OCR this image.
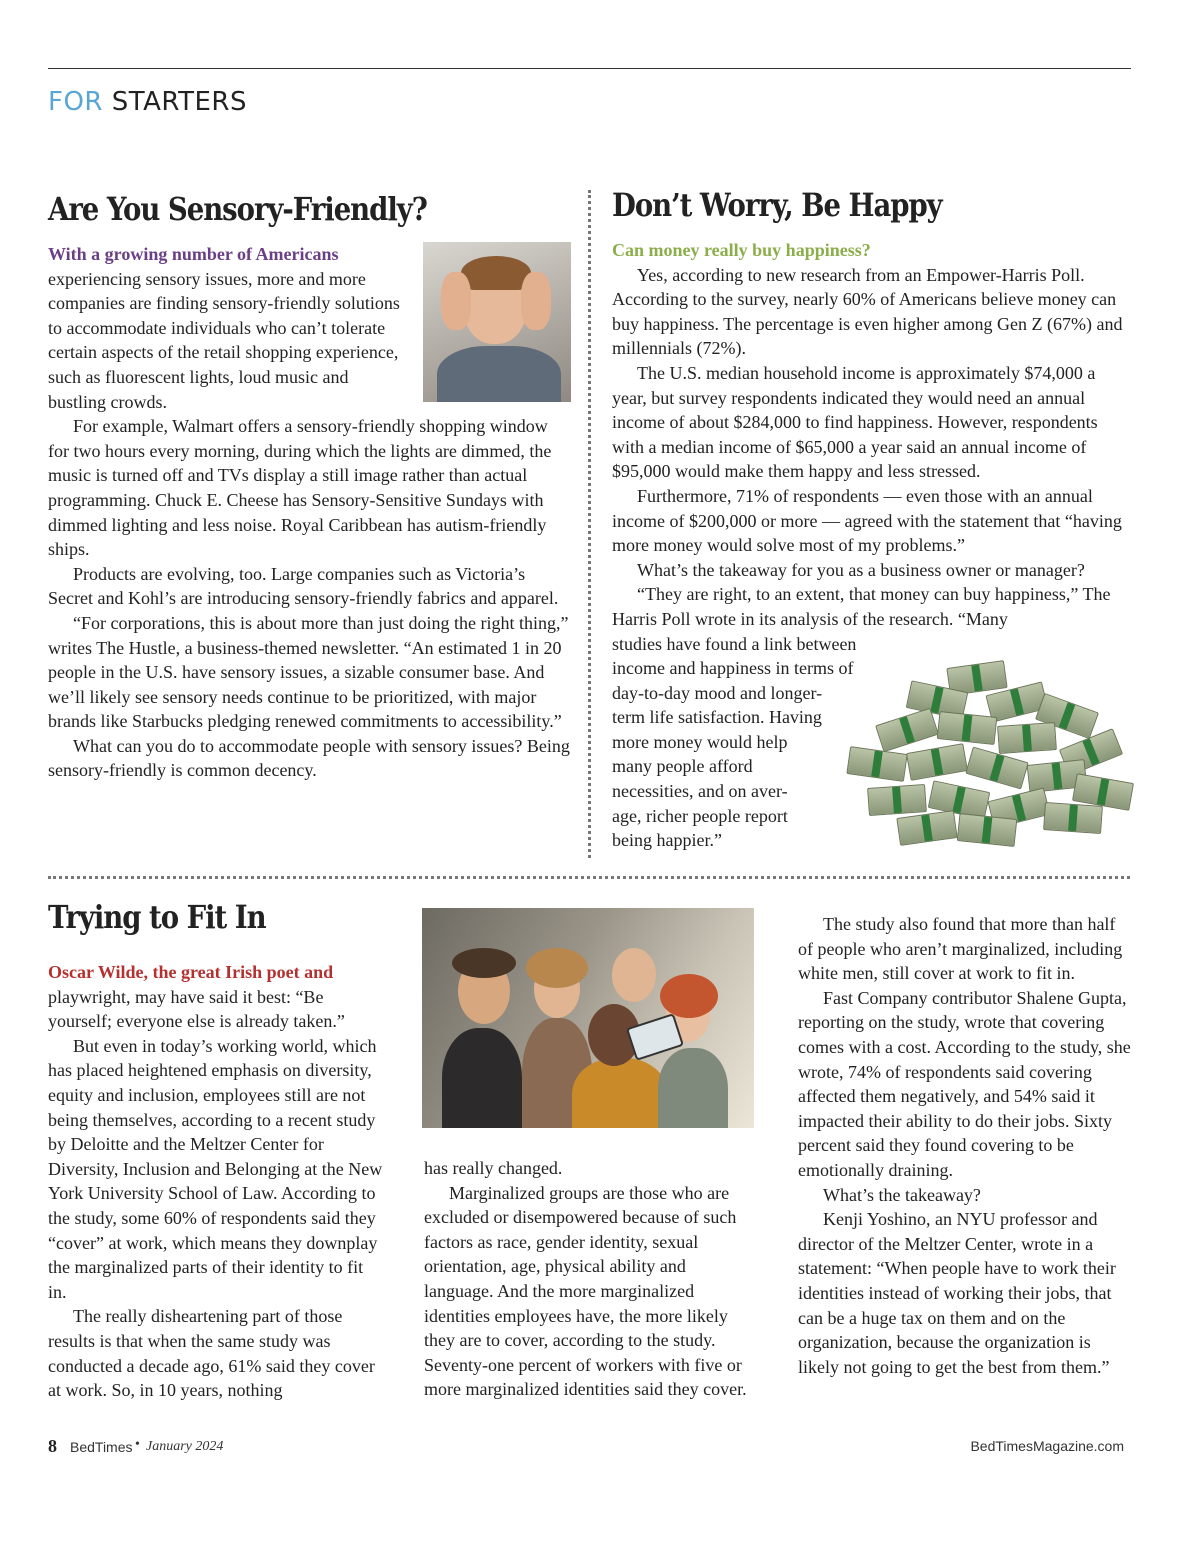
FOR STARTERS
Are You Sensory-Friendly?

With a growing number of Americans experiencing sensory issues, more and more companies are finding sensory-friendly solutions to accommodate individuals who can’t tolerate certain aspects of the retail shopping experience, such as fluorescent lights, loud music and bustling crowds.

For example, Walmart offers a sensory-friendly shopping window for two hours every morning, during which the lights are dimmed, the music is turned off and TVs display a still image rather than actual programming. Chuck E. Cheese has Sensory-Sensitive Sundays with dimmed lighting and less noise. Royal Caribbean has autism-friendly ships.

Products are evolving, too. Large companies such as Victoria’s Secret and Kohl’s are introducing sensory-friendly fabrics and apparel.

“For corporations, this is about more than just doing the right thing,” writes The Hustle, a business-themed newsletter. “An estimated 1 in 20 people in the U.S. have sensory issues, a sizable consumer base. And we’ll likely see sensory needs continue to be prioritized, with major brands like Starbucks pledging renewed commitments to accessibility.”

What can you do to accommodate people with sensory issues? Being sensory-friendly is common decency.

Don’t Worry, Be Happy

Can money really buy happiness?

Yes, according to new research from an Empower-Harris Poll. According to the survey, nearly 60% of Americans believe money can buy happiness. The percentage is even higher among Gen Z (67%) and millennials (72%).

The U.S. median household income is approximately $74,000 a year, but survey respondents indicated they would need an annual income of about $284,000 to find happiness. However, respondents with a median income of $65,000 a year said an annual income of $95,000 would make them happy and less stressed.

Furthermore, 71% of respondents — even those with an annual income of $200,000 or more — agreed with the statement that “having more money would solve most of my problems.”

What’s the takeaway for you as a business owner or manager?

“They are right, to an extent, that money can buy happiness,” The Harris Poll wrote in its analysis of the research. “Many

studies have found a link between
income and happiness in terms of
day-to-day mood and longer-
term life satisfaction. Having
more money would help
many people afford
necessities, and on aver-
age, richer people report
being happier.”
Trying to Fit In

Oscar Wilde, the great Irish poet and playwright, may have said it best: “Be yourself; everyone else is already taken.”

But even in today’s working world, which has placed heightened emphasis on diversity, equity and inclusion, employees still are not being themselves, according to a recent study by Deloitte and the Meltzer Center for Diversity, Inclusion and Belonging at the New York University School of Law. According to the study, some 60% of respondents said they “cover” at work, which means they downplay the marginalized parts of their identity to fit in.

The really disheartening part of those results is that when the same study was conducted a decade ago, 61% said they cover at work. So, in 10 years, nothing

has really changed.

Marginalized groups are those who are excluded or disempowered because of such factors as race, gender identity, sexual orientation, age, physical ability and language. And the more marginalized identities employees have, the more likely they are to cover, according to the study. Seventy-one percent of workers with five or more marginalized identities said they cover.

The study also found that more than half of people who aren’t marginalized, including white men, still cover at work to fit in.

Fast Company contributor Shalene Gupta, reporting on the study, wrote that covering comes with a cost. According to the study, she wrote, 74% of respondents said covering affected them negatively, and 54% said it impacted their ability to do their jobs. Sixty percent said they found covering to be emotionally draining.

What’s the takeaway?

Kenji Yoshino, an NYU professor and director of the Meltzer Center, wrote in a statement: “When people have to work their identities instead of working their jobs, that can be a huge tax on them and on the organization, because the organization is likely not going to get the best from them.”

8 BedTimes • January 2024	BedTimesMagazine.com
